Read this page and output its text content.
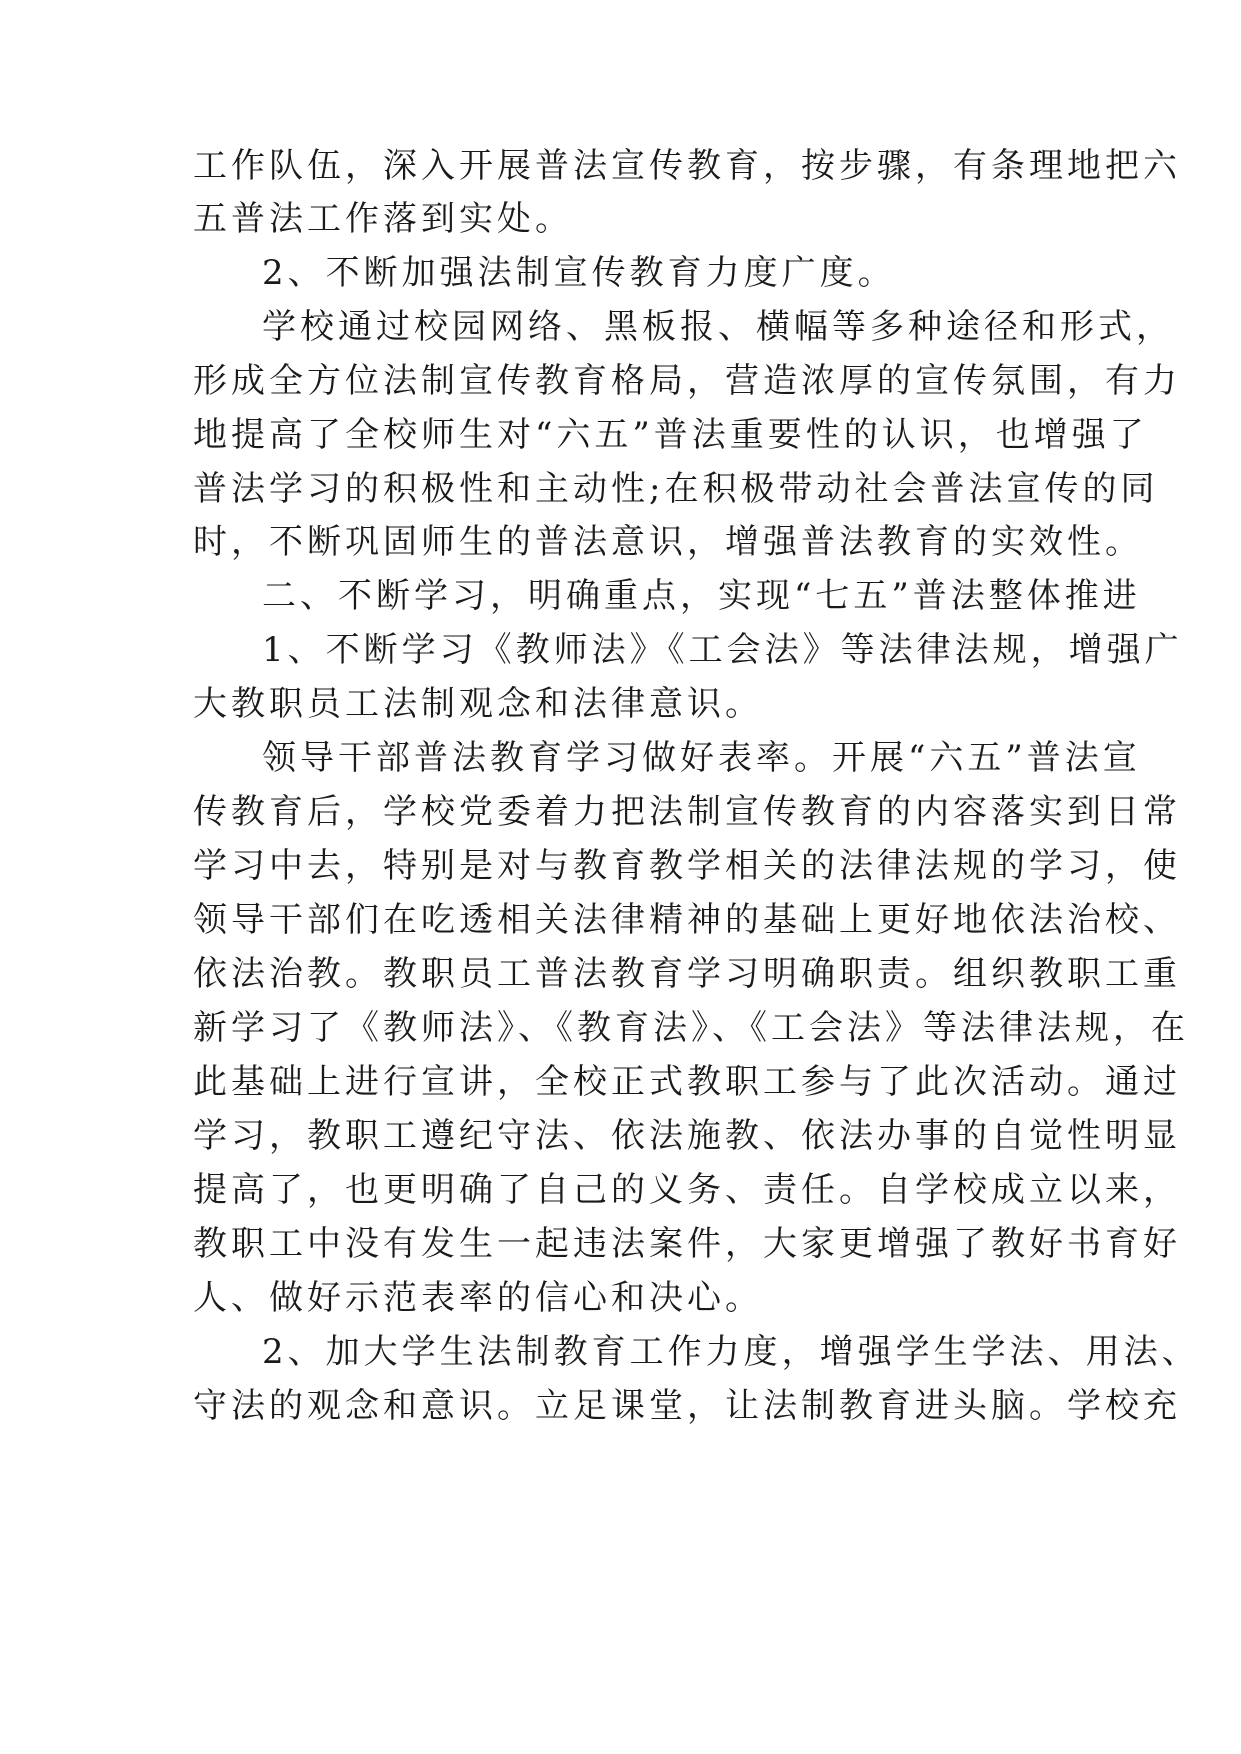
工作队伍，深入开展普法宣传教育，按步骤，有条理地把六
五普法工作落到实处。
2、不断加强法制宣传教育力度广度。
学校通过校园网络、黑板报、横幅等多种途径和形式，
形成全方位法制宣传教育格局，营造浓厚的宣传氛围，有力
地提高了全校师生对“六五”普法重要性的认识，也增强了
普法学习的积极性和主动性;在积极带动社会普法宣传的同
时，不断巩固师生的普法意识，增强普法教育的实效性。
二、不断学习，明确重点，实现“七五”普法整体推进
1、不断学习《教师法》《工会法》等法律法规，增强广
大教职员工法制观念和法律意识。
领导干部普法教育学习做好表率。开展“六五”普法宣
传教育后，学校党委着力把法制宣传教育的内容落实到日常
学习中去，特别是对与教育教学相关的法律法规的学习，使
领导干部们在吃透相关法律精神的基础上更好地依法治校、
依法治教。教职员工普法教育学习明确职责。组织教职工重
新学习了《教师法》、《教育法》、《工会法》等法律法规，在
此基础上进行宣讲，全校正式教职工参与了此次活动。通过
学习，教职工遵纪守法、依法施教、依法办事的自觉性明显
提高了，也更明确了自己的义务、责任。自学校成立以来，
教职工中没有发生一起违法案件，大家更增强了教好书育好
人、做好示范表率的信心和决心。
2、加大学生法制教育工作力度，增强学生学法、用法、
守法的观念和意识。立足课堂，让法制教育进头脑。学校充
